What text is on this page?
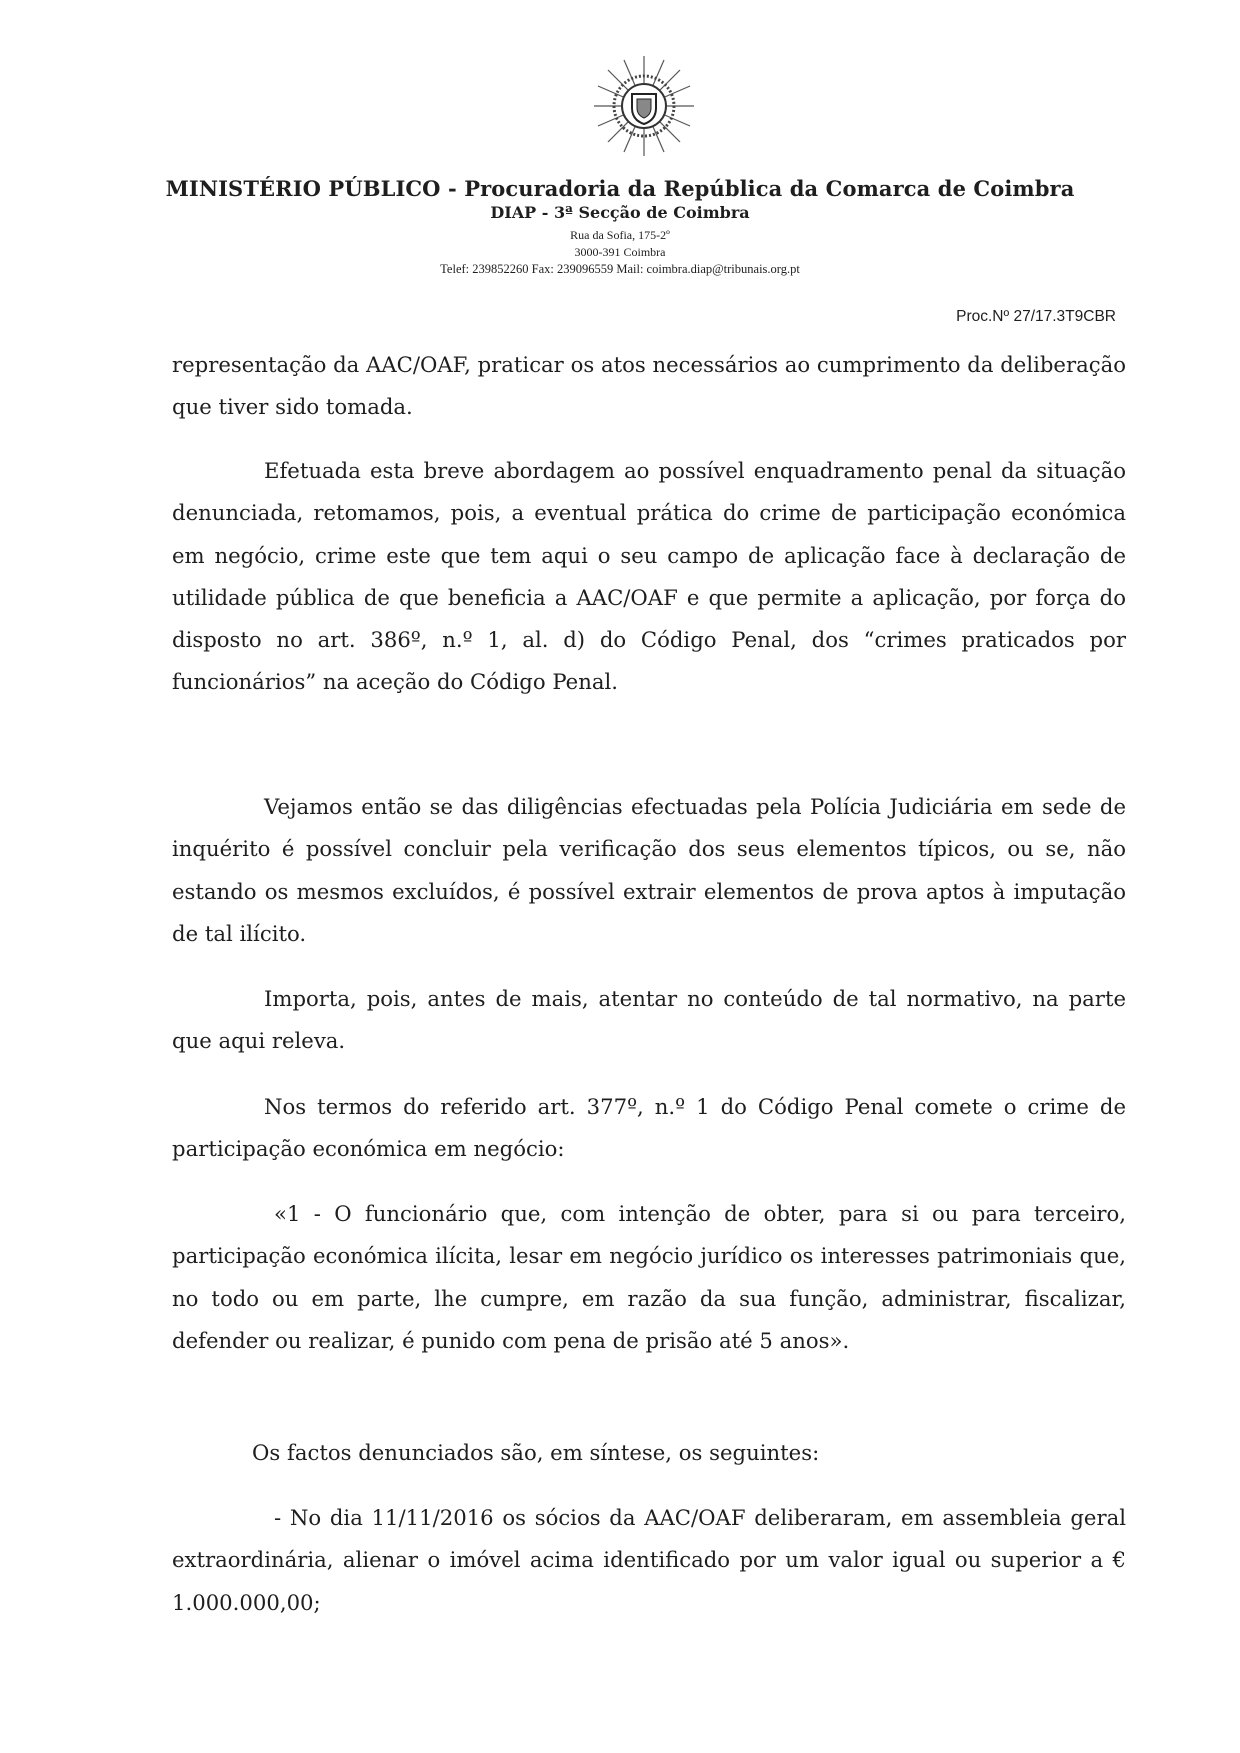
MINISTÉRIO PÚBLICO - Procuradoria da República da Comarca de Coimbra
DIAP - 3ª Secção de Coimbra
Rua da Sofia, 175-2º
3000-391 Coimbra
Telef: 239852260 Fax: 239096559 Mail: coimbra.diap@tribunais.org.pt
Proc.Nº 27/17.3T9CBR

representação da AAC/OAF, praticar os atos necessários ao cumprimento da deliberação que tiver sido tomada.

Efetuada esta breve abordagem ao possível enquadramento penal da situação denunciada, retomamos, pois, a eventual prática do crime de participação económica em negócio, crime este que tem aqui o seu campo de aplicação face à declaração de utilidade pública de que beneficia a AAC/OAF e que permite a aplicação, por força do disposto no art. 386º, n.º 1, al. d) do Código Penal, dos “crimes praticados por funcionários” na aceção do Código Penal.

Vejamos então se das diligências efectuadas pela Polícia Judiciária em sede de inquérito é possível concluir pela verificação dos seus elementos típicos, ou se, não estando os mesmos excluídos, é possível extrair elementos de prova aptos à imputação de tal ilícito.

Importa, pois, antes de mais, atentar no conteúdo de tal normativo, na parte que aqui releva.

Nos termos do referido art. 377º, n.º 1 do Código Penal comete o crime de participação económica em negócio:

«1 - O funcionário que, com intenção de obter, para si ou para terceiro, participação económica ilícita, lesar em negócio jurídico os interesses patrimoniais que, no todo ou em parte, lhe cumpre, em razão da sua função, administrar, fiscalizar, defender ou realizar, é punido com pena de prisão até 5 anos».

Os factos denunciados são, em síntese, os seguintes:

- No dia 11/11/2016 os sócios da AAC/OAF deliberaram, em assembleia geral extraordinária, alienar o imóvel acima identificado por um valor igual ou superior a € 1.000.000,00;
